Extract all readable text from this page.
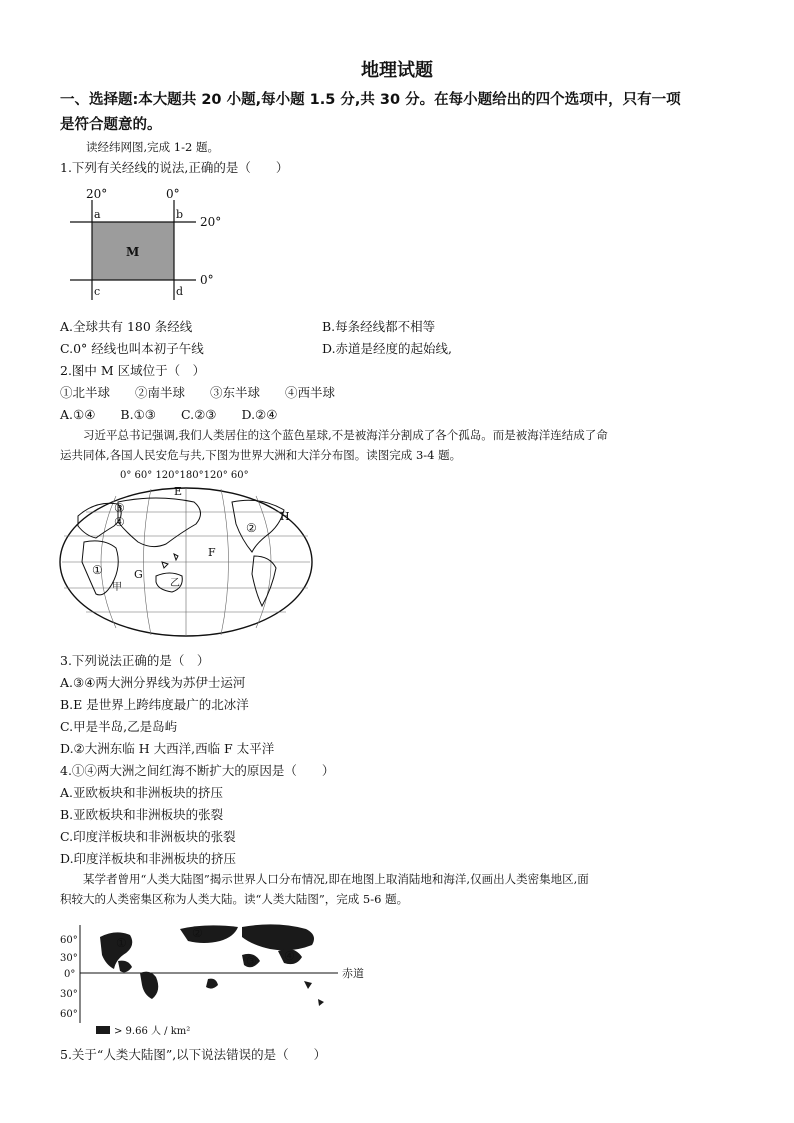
地理试题
一、选择题:本大题共 20 小题,每小题 1.5 分,共 30 分。在每小题给出的四个选项中，只有一项
是符合题意的。
读经纬网图,完成 1-2 题。
1.下列有关经线的说法,正确的是（　　）
20°	0°
20°
0°
a	b
c	d
M
A.全球共有 180 条经线	B.每条经线都不相等
C.0° 经线也叫本初子午线	D.赤道是经度的起始线,
2.图中 M 区域位于（　）
①北半球　　②南半球　　③东半球　　④西半球
A.①④　　B.①③　　C.②③　　D.②④
　　习近平总书记强调,我们人类居住的这个蓝色星球,不是被海洋分割成了各个孤岛。而是被海洋连结成了命
运共同体,各国人民安危与共,下图为世界大洲和大洋分布图。读图完成 3-4 题。
0° 60° 120°180°120° 60°
E
F
G
H
①
②
③
④
甲	乙
3.下列说法正确的是（　）
A.③④两大洲分界线为苏伊士运河
B.E 是世界上跨纬度最广的北冰洋
C.甲是半岛,乙是岛屿
D.②大洲东临 H 大西洋,西临 F 太平洋
4.①④两大洲之间红海不断扩大的原因是（　　）
A.亚欧板块和非洲板块的挤压
B.亚欧板块和非洲板块的张裂
C.印度洋板块和非洲板块的张裂
D.印度洋板块和非洲板块的挤压
　　某学者曾用“人类大陆图”揭示世界人口分布情况,即在地图上取消陆地和海洋,仅画出人类密集地区,面
积较大的人类密集区称为人类大陆。读“人类大陆图”，完成 5-6 题。
60°
30°
0°
30°
60°
赤道
①
②
③ ④
> 9.66 人 / km²
5.关于“人类大陆图”,以下说法错误的是（　　）
